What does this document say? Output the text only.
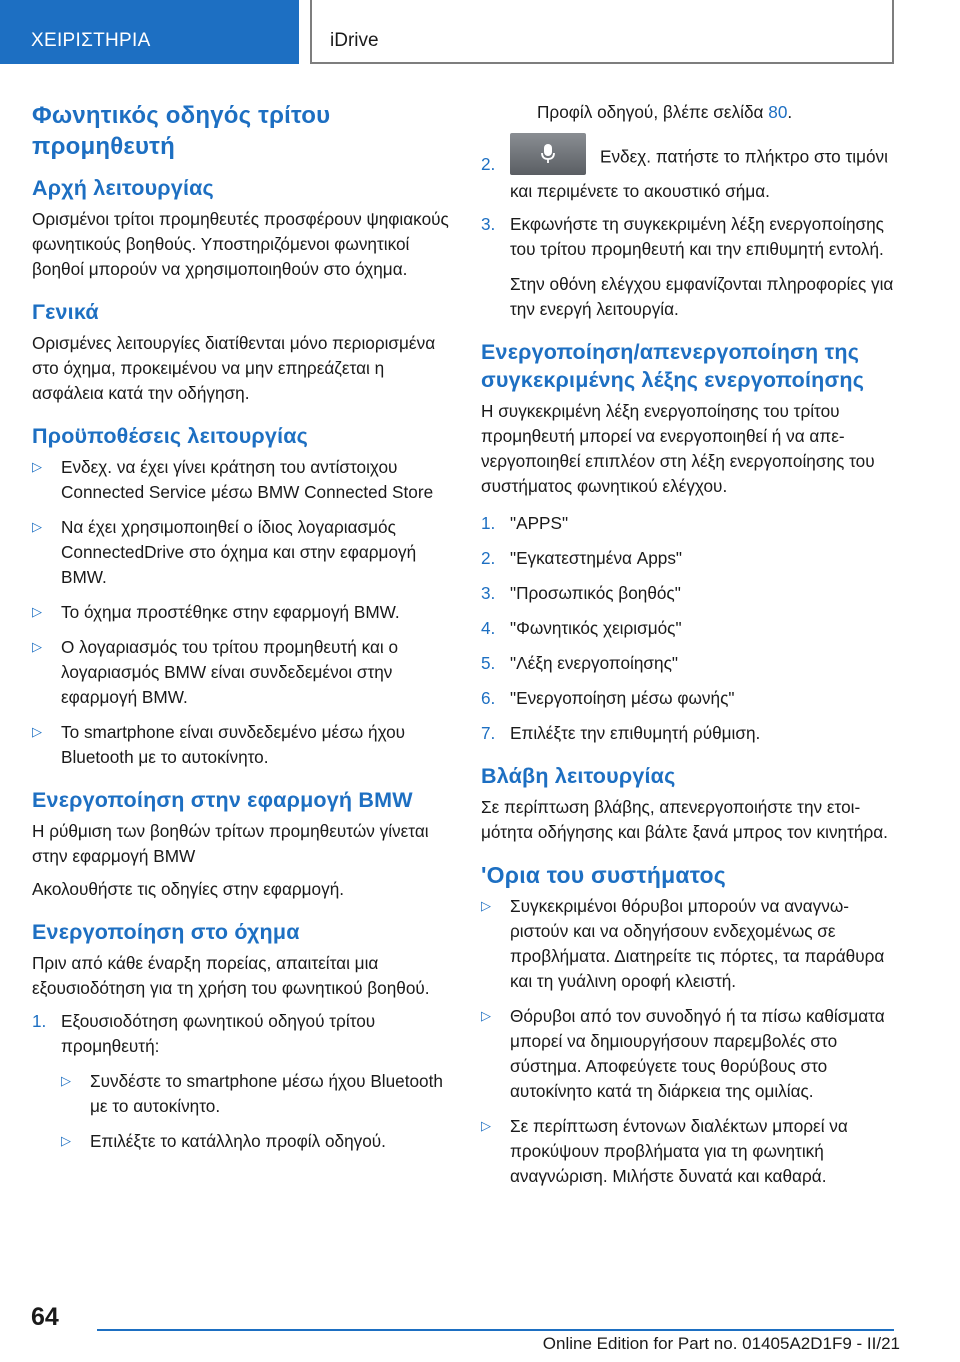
ΧΕΙΡΙΣΤΗΡΙΑ	iDrive
Φωνητικός οδηγός τρίτου προμηθευτή
Αρχή λειτουργίας

Ορισμένοι τρίτοι προμηθευτές προσφέρουν ψηφιακούς φωνητικούς βοηθούς. Υποστηριζόμενοι φωνητικοί βοηθοί μπορούν να χρησιμοποιηθούν στο όχημα.

Γενικά

Ορισμένες λειτουργίες διατίθενται μόνο περιορισμένα στο όχημα, προκειμένου να μην επηρεάζεται η ασφάλεια κατά την οδήγηση.

Προϋποθέσεις λειτουργίας
▷ Ενδεχ. να έχει γίνει κράτηση του αντίστοιχου Connected Service μέσω BMW Connected Store
▷ Να έχει χρησιμοποιηθεί ο ίδιος λογαριασμός ConnectedDrive στο όχημα και στην εφαρμογή BMW.
▷ Το όχημα προστέθηκε στην εφαρμογή BMW.
▷ Ο λογαριασμός του τρίτου προμηθευτή και ο λογαριασμός BMW είναι συνδεδεμένοι στην εφαρμογή BMW.
▷ Το smartphone είναι συνδεδεμένο μέσω ήχου Bluetooth με το αυτοκίνητο.
Ενεργοποίηση στην εφαρμογή BMW

Η ρύθμιση των βοηθών τρίτων προμηθευτών γίνεται στην εφαρμογή BMW

Ακολουθήστε τις οδηγίες στην εφαρμογή.

Ενεργοποίηση στο όχημα

Πριν από κάθε έναρξη πορείας, απαιτείται μια εξουσιοδότηση για τη χρήση του φωνητικού βοηθού.

1. Εξουσιοδότηση φωνητικού οδηγού τρίτου προμηθευτή:
▷ Συνδέστε το smartphone μέσω ήχου Bluetooth με το αυτοκίνητο.
▷ Επιλέξτε το κατάλληλο προφίλ οδηγού.

Προφίλ οδηγού, βλέπε σελίδα 80.

2.	Ενδεχ. πατήστε το πλήκτρο στο τιμόνι και περιμένετε το ακουστικό σήμα.
3. Εκφωνήστε τη συγκεκριμένη λέξη ενεργοποίησης του τρίτου προμηθευτή και την επιθυμητή εντολή.

Στην οθόνη ελέγχου εμφανίζονται πληροφορίες για την ενεργή λειτουργία.

Ενεργοποίηση/απενεργοποίηση της συγκεκριμένης λέξης ενεργοποίησης

Η συγκεκριμένη λέξη ενεργοποίησης του τρίτου προμηθευτή μπορεί να ενεργοποιηθεί ή να απενεργοποιηθεί επιπλέον στη λέξη ενεργοποίησης του συστήματος φωνητικού ελέγχου.

1. "APPS"
2. "Εγκατεστημένα Apps"
3. "Προσωπικός βοηθός"
4. "Φωνητικός χειρισμός"
5. "Λέξη ενεργοποίησης"
6. "Ενεργοποίηση μέσω φωνής"
7. Επιλέξτε την επιθυμητή ρύθμιση.
Βλάβη λειτουργίας

Σε περίπτωση βλάβης, απενεργοποιήστε την ετοιμότητα οδήγησης και βάλτε ξανά μπρος τον κινητήρα.

'Ορια του συστήματος
▷ Συγκεκριμένοι θόρυβοι μπορούν να αναγνωριστούν και να οδηγήσουν ενδεχομένως σε προβλήματα. Διατηρείτε τις πόρτες, τα παράθυρα και τη γυάλινη οροφή κλειστή.
▷ Θόρυβοι από τον συνοδηγό ή τα πίσω καθίσματα μπορεί να δημιουργήσουν παρεμβολές στο σύστημα. Αποφεύγετε τους θορύβους στο αυτοκίνητο κατά τη διάρκεια της ομιλίας.
▷ Σε περίπτωση έντονων διαλέκτων μπορεί να προκύψουν προβλήματα για τη φωνητική αναγνώριση. Μιλήστε δυνατά και καθαρά.
64
Online Edition for Part no. 01405A2D1F9 - II/21
